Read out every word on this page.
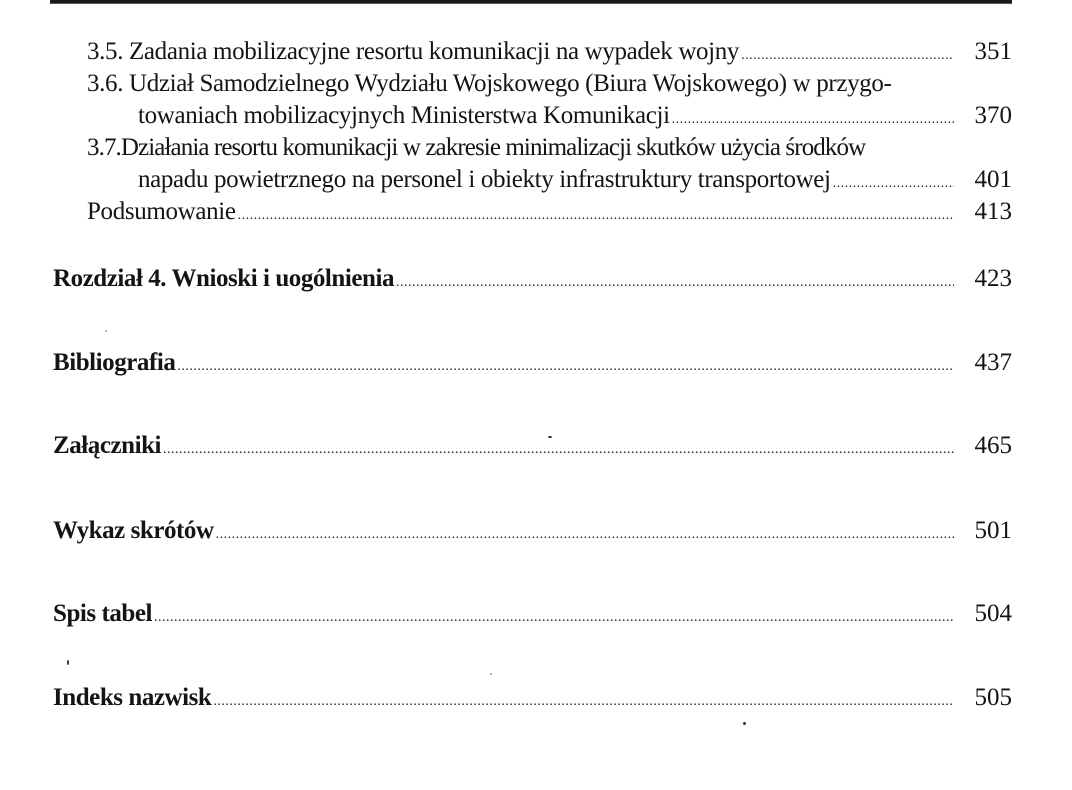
3.5. Zadania mobilizacyjne resortu komunikacji na wypadek wojny .....	351
3.6. Udział Samodzielnego Wydziału Wojskowego (Biura Wojskowego) w przygo-
towaniach mobilizacyjnych Ministerstwa Komunikacji .....	370
3.7.Działania resortu komunikacji w zakresie minimalizacji skutków użycia środków
napadu powietrznego na personel i obiekty infrastruktury transportowej .....	401
Podsumowanie .....	413
Rozdział 4. Wnioski i uogólnienia .....	423
Bibliografia .....	437
Załączniki .....	465
Wykaz skrótów .....	501
Spis tabel .....	504
Indeks nazwisk .....	505
